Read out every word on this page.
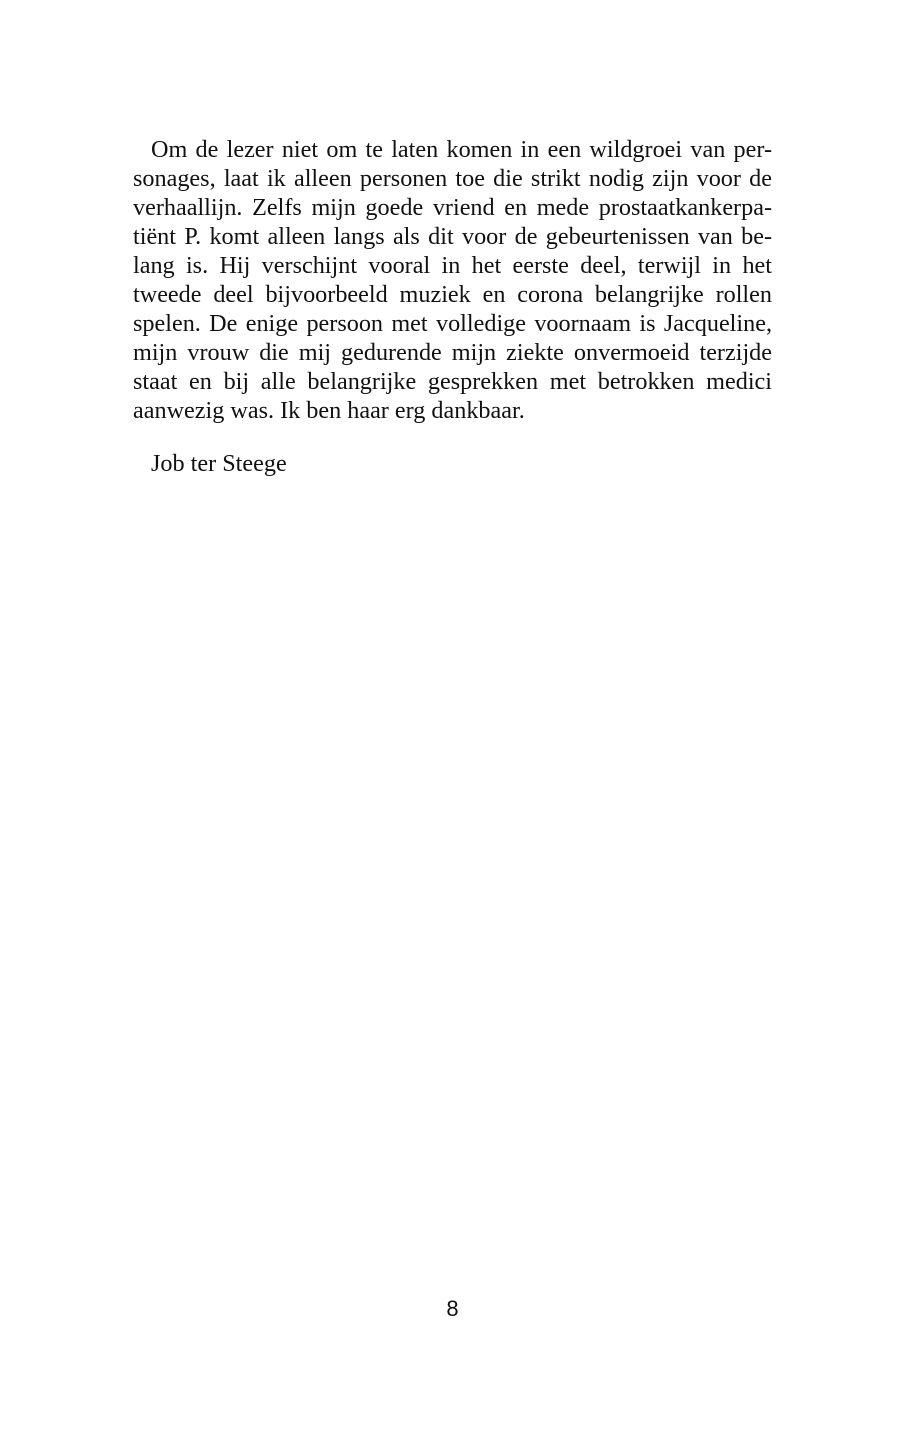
Om de lezer niet om te laten komen in een wildgroei van per-
sonages, laat ik alleen personen toe die strikt nodig zijn voor de
verhaallijn. Zelfs mijn goede vriend en mede prostaatkankerpa-
tiënt P. komt alleen langs als dit voor de gebeurtenissen van be-
lang is. Hij verschijnt vooral in het eerste deel, terwijl in het
tweede deel bijvoorbeeld muziek en corona belangrijke rollen
spelen. De enige persoon met volledige voornaam is Jacqueline,
mijn vrouw die mij gedurende mijn ziekte onvermoeid terzijde
staat en bij alle belangrijke gesprekken met betrokken medici
aanwezig was. Ik ben haar erg dankbaar.
Job ter Steege
8
